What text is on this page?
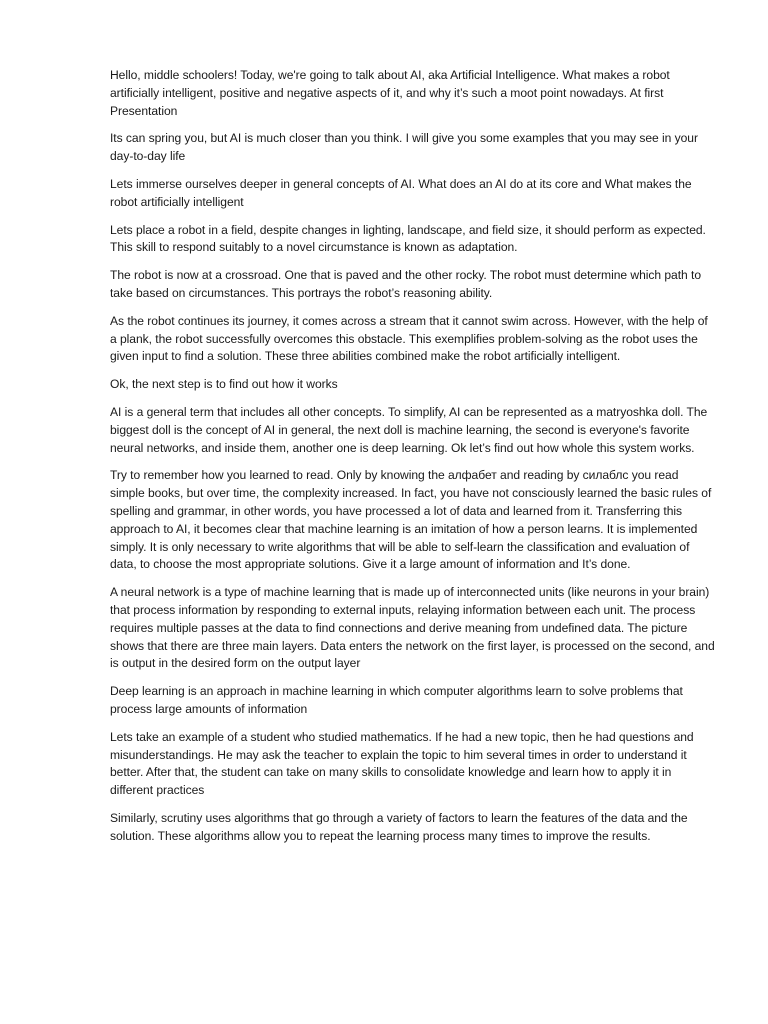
Hello, middle schoolers! Today, we're going to talk about AI, aka Artificial Intelligence. What makes a robot artificially intelligent, positive and negative aspects of it, and why it’s such a moot point nowadays. At first Presentation

Its can spring you, but AI is much closer than you think. I will give you some examples that you may see in your day-to-day life

Lets immerse ourselves deeper in general concepts of AI. What does an AI do at its core and What makes the robot artificially intelligent

Lets place a robot in a field, despite changes in lighting, landscape, and field size, it should perform as expected. This skill to respond suitably to a novel circumstance is known as adaptation.

The robot is now at a crossroad. One that is paved and the other rocky. The robot must determine which path to take based on circumstances. This portrays the robot’s reasoning ability.

As the robot continues its journey, it comes across a stream that it cannot swim across. However, with the help of a plank, the robot successfully overcomes this obstacle. This exemplifies problem-solving as the robot uses the given input to find a solution. These three abilities combined make the robot artificially intelligent.

Ok, the next step is to find out how it works

AI is a general term that includes all other concepts. To simplify, AI can be represented as a matryoshka doll. The biggest doll is the concept of AI in general, the next doll is machine learning, the second is everyone's favorite neural networks, and inside them, another one is deep learning. Ok let’s find out how whole this system works.

Try to remember how you learned to read. Only by knowing the алфабет and reading by силаблс you read simple books, but over time, the complexity increased. In fact, you have not consciously learned the basic rules of spelling and grammar, in other words, you have processed a lot of data and learned from it. Transferring this approach to AI, it becomes clear that machine learning is an imitation of how a person learns. It is implemented simply. It is only necessary to write algorithms that will be able to self-learn the classification and evaluation of data, to choose the most appropriate solutions. Give it a large amount of information and It’s done.

A neural network is a type of machine learning that is made up of interconnected units (like neurons in your brain) that process information by responding to external inputs, relaying information between each unit. The process requires multiple passes at the data to find connections and derive meaning from undefined data. The picture shows that there are three main layers. Data enters the network on the first layer, is processed on the second, and is output in the desired form on the output layer

Deep learning is an approach in machine learning in which computer algorithms learn to solve problems that process large amounts of information

Lets take an example of a student who studied mathematics. If he had a new topic, then he had questions and misunderstandings. He may ask the teacher to explain the topic to him several times in order to understand it better. After that, the student can take on many skills to consolidate knowledge and learn how to apply it in different practices

Similarly, scrutiny uses algorithms that go through a variety of factors to learn the features of the data and the solution. These algorithms allow you to repeat the learning process many times to improve the results.
